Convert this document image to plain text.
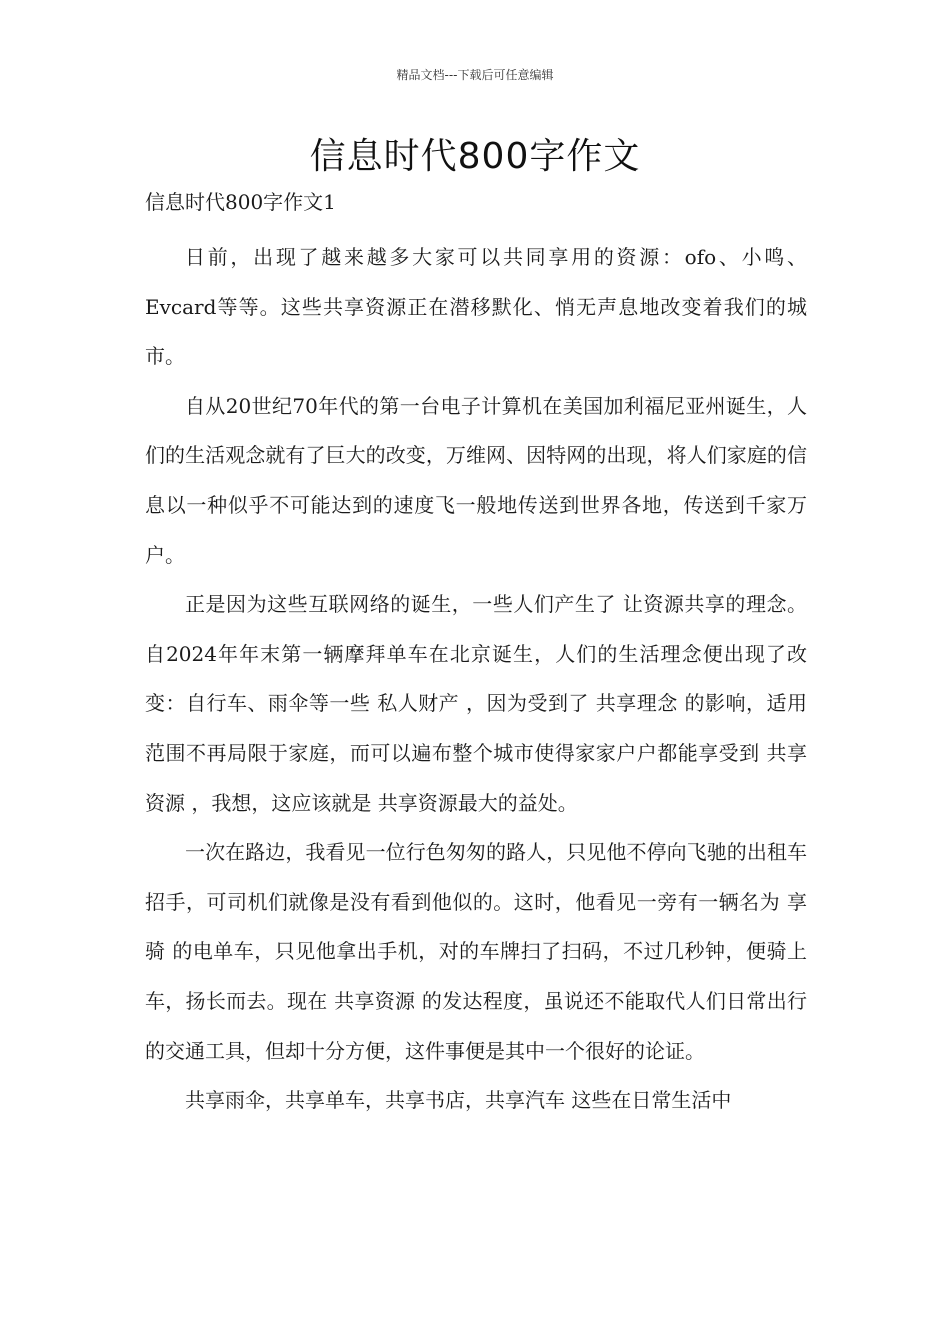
精品文档---下载后可任意编辑
信息时代800字作文
信息时代800字作文1

日前，出现了越来越多大家可以共同享用的资源：ofo、小鸣、Evcard等等。这些共享资源正在潜移默化、悄无声息地改变着我们的城市。

自从20世纪70年代的第一台电子计算机在美国加利福尼亚州诞生，人们的生活观念就有了巨大的改变，万维网、因特网的出现，将人们家庭的信息以一种似乎不可能达到的速度飞一般地传送到世界各地，传送到千家万户。

正是因为这些互联网络的诞生，一些人们产生了 让资源共享的理念。自2024年年末第一辆摩拜单车在北京诞生，人们的生活理念便出现了改变：自行车、雨伞等一些 私人财产 ，因为受到了 共享理念 的影响，适用范围不再局限于家庭，而可以遍布整个城市使得家家户户都能享受到 共享资源 ，我想，这应该就是 共享资源最大的益处。

一次在路边，我看见一位行色匆匆的路人，只见他不停向飞驰的出租车招手，可司机们就像是没有看到他似的。这时，他看见一旁有一辆名为 享骑 的电单车，只见他拿出手机，对的车牌扫了扫码，不过几秒钟，便骑上车，扬长而去。现在 共享资源 的发达程度，虽说还不能取代人们日常出行的交通工具，但却十分方便，这件事便是其中一个很好的论证。

共享雨伞，共享单车，共享书店，共享汽车 这些在日常生活中
